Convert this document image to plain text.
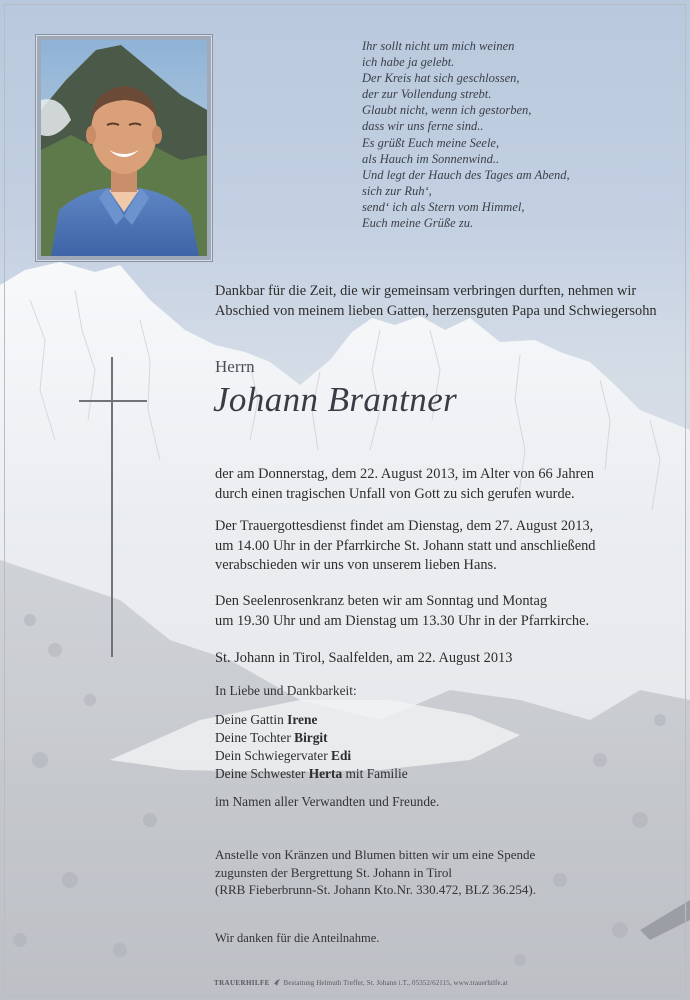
Ihr sollt nicht um mich weinen
ich habe ja gelebt.
Der Kreis hat sich geschlossen,
der zur Vollendung strebt.
Glaubt nicht, wenn ich gestorben,
dass wir uns ferne sind..
Es grüßt Euch meine Seele,
als Hauch im Sonnenwind..
Und legt der Hauch des Tages am Abend,
sich zur Ruh‘,
send‘ ich als Stern vom Himmel,
Euch meine Grüße zu.
Dankbar für die Zeit, die wir gemeinsam verbringen durften, nehmen wir Abschied von meinem lieben Gatten, herzensguten Papa und Schwiegersohn
Herrn
Johann Brantner
der am Donnerstag, dem 22. August 2013, im Alter von 66 Jahren
durch einen tragischen Unfall von Gott zu sich gerufen wurde.
Der Trauergottesdienst findet am Dienstag, dem 27. August 2013,
um 14.00 Uhr in der Pfarrkirche St. Johann statt und anschließend
verabschieden wir uns von unserem lieben Hans.
Den Seelenrosenkranz beten wir am Sonntag und Montag
um 19.30 Uhr und am Dienstag um 13.30 Uhr in der Pfarrkirche.
St. Johann in Tirol, Saalfelden, am 22. August 2013
In Liebe und Dankbarkeit:
Deine Gattin Irene
Deine Tochter Birgit
Dein Schwiegervater Edi
Deine Schwester Herta mit Familie
im Namen aller Verwandten und Freunde.
Anstelle von Kränzen und Blumen bitten wir um eine Spende
zugunsten der Bergrettung St. Johann in Tirol
(RRB Fieberbrunn-St. Johann Kto.Nr. 330.472, BLZ 36.254).
Wir danken für die Anteilnahme.
TRAUERHILFE Bestattung Helmuth Treffer, St. Johann i.T., 05352/62115, www.trauerhilfe.at
